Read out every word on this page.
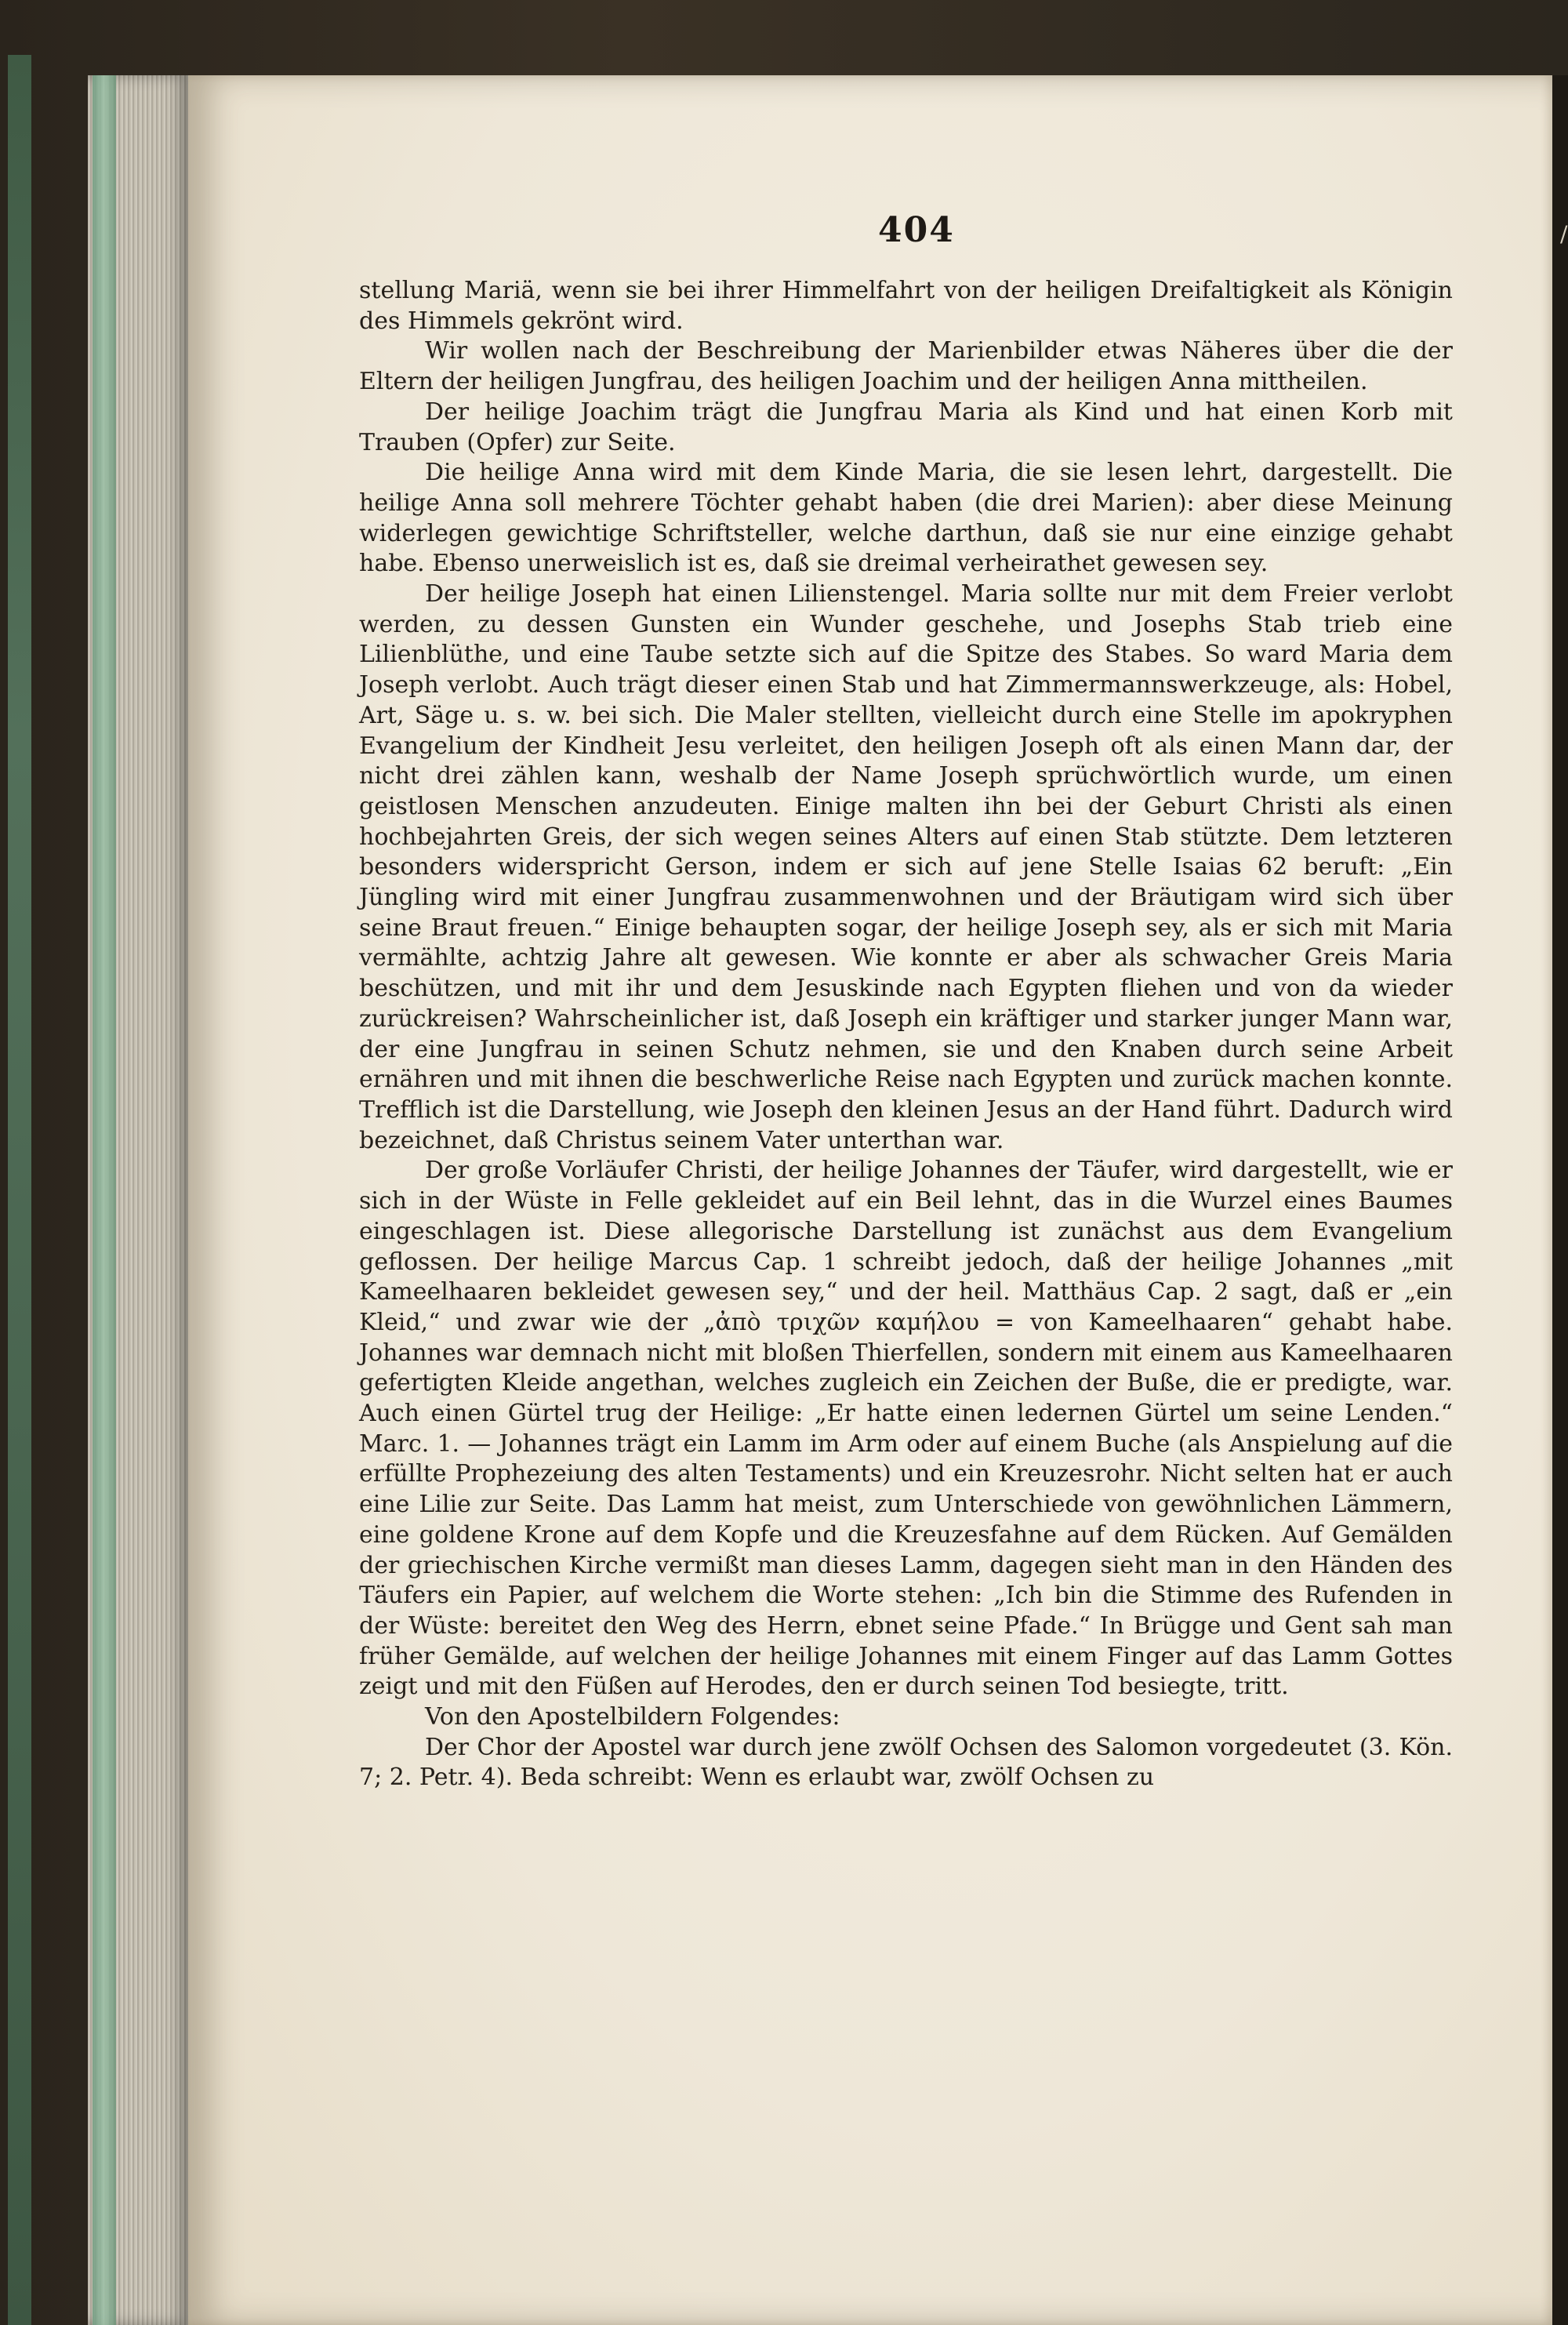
/
404

stellung Mariä, wenn sie bei ihrer Himmelfahrt von der heiligen Dreifaltigkeit als Königin des Himmels gekrönt wird.

Wir wollen nach der Beschreibung der Marienbilder etwas Näheres über die der Eltern der heiligen Jungfrau, des heiligen Joachim und der heiligen Anna mittheilen.

Der heilige Joachim trägt die Jungfrau Maria als Kind und hat einen Korb mit Trauben (Opfer) zur Seite.

Die heilige Anna wird mit dem Kinde Maria, die sie lesen lehrt, dargestellt. Die heilige Anna soll mehrere Töchter gehabt haben (die drei Marien): aber diese Meinung widerlegen gewichtige Schriftsteller, welche darthun, daß sie nur eine einzige gehabt habe. Ebenso unerweislich ist es, daß sie dreimal verheirathet gewesen sey.

Der heilige Joseph hat einen Lilienstengel. Maria sollte nur mit dem Freier verlobt werden, zu dessen Gunsten ein Wunder geschehe, und Josephs Stab trieb eine Lilienblüthe, und eine Taube setzte sich auf die Spitze des Stabes. So ward Maria dem Joseph verlobt. Auch trägt dieser einen Stab und hat Zimmermannswerkzeuge, als: Hobel, Art, Säge u. s. w. bei sich. Die Maler stellten, vielleicht durch eine Stelle im apokryphen Evangelium der Kindheit Jesu verleitet, den heiligen Joseph oft als einen Mann dar, der nicht drei zählen kann, weshalb der Name Joseph sprüchwörtlich wurde, um einen geistlosen Menschen anzudeuten. Einige malten ihn bei der Geburt Christi als einen hochbejahrten Greis, der sich wegen seines Alters auf einen Stab stützte. Dem letzteren besonders widerspricht Gerson, indem er sich auf jene Stelle Isaias 62 beruft: „Ein Jüngling wird mit einer Jungfrau zusammenwohnen und der Bräutigam wird sich über seine Braut freuen.“ Einige behaupten sogar, der heilige Joseph sey, als er sich mit Maria vermählte, achtzig Jahre alt gewesen. Wie konnte er aber als schwacher Greis Maria beschützen, und mit ihr und dem Jesuskinde nach Egypten fliehen und von da wieder zurückreisen? Wahrscheinlicher ist, daß Joseph ein kräftiger und starker junger Mann war, der eine Jungfrau in seinen Schutz nehmen, sie und den Knaben durch seine Arbeit ernähren und mit ihnen die beschwerliche Reise nach Egypten und zurück machen konnte. Trefflich ist die Darstellung, wie Joseph den kleinen Jesus an der Hand führt. Dadurch wird bezeichnet, daß Christus seinem Vater unterthan war.

Der große Vorläufer Christi, der heilige Johannes der Täufer, wird dargestellt, wie er sich in der Wüste in Felle gekleidet auf ein Beil lehnt, das in die Wurzel eines Baumes eingeschlagen ist. Diese allegorische Darstellung ist zunächst aus dem Evangelium geflossen. Der heilige Marcus Cap. 1 schreibt jedoch, daß der heilige Johannes „mit Kameelhaaren bekleidet gewesen sey,“ und der heil. Matthäus Cap. 2 sagt, daß er „ein Kleid,“ und zwar wie der „ἀπὸ τριχῶν καμήλου = von Kameelhaaren“ gehabt habe. Johannes war demnach nicht mit bloßen Thierfellen, sondern mit einem aus Kameelhaaren gefertigten Kleide angethan, welches zugleich ein Zeichen der Buße, die er predigte, war. Auch einen Gürtel trug der Heilige: „Er hatte einen ledernen Gürtel um seine Lenden.“ Marc. 1. — Johannes trägt ein Lamm im Arm oder auf einem Buche (als Anspielung auf die erfüllte Prophezeiung des alten Testaments) und ein Kreuzesrohr. Nicht selten hat er auch eine Lilie zur Seite. Das Lamm hat meist, zum Unterschiede von gewöhnlichen Lämmern, eine goldene Krone auf dem Kopfe und die Kreuzesfahne auf dem Rücken. Auf Gemälden der griechischen Kirche vermißt man dieses Lamm, dagegen sieht man in den Händen des Täufers ein Papier, auf welchem die Worte stehen: „Ich bin die Stimme des Rufenden in der Wüste: bereitet den Weg des Herrn, ebnet seine Pfade.“ In Brügge und Gent sah man früher Gemälde, auf welchen der heilige Johannes mit einem Finger auf das Lamm Gottes zeigt und mit den Füßen auf Herodes, den er durch seinen Tod besiegte, tritt.

Von den Apostelbildern Folgendes:

Der Chor der Apostel war durch jene zwölf Ochsen des Salomon vorgedeutet (3. Kön. 7; 2. Petr. 4). Beda schreibt: Wenn es erlaubt war, zwölf Ochsen zu
